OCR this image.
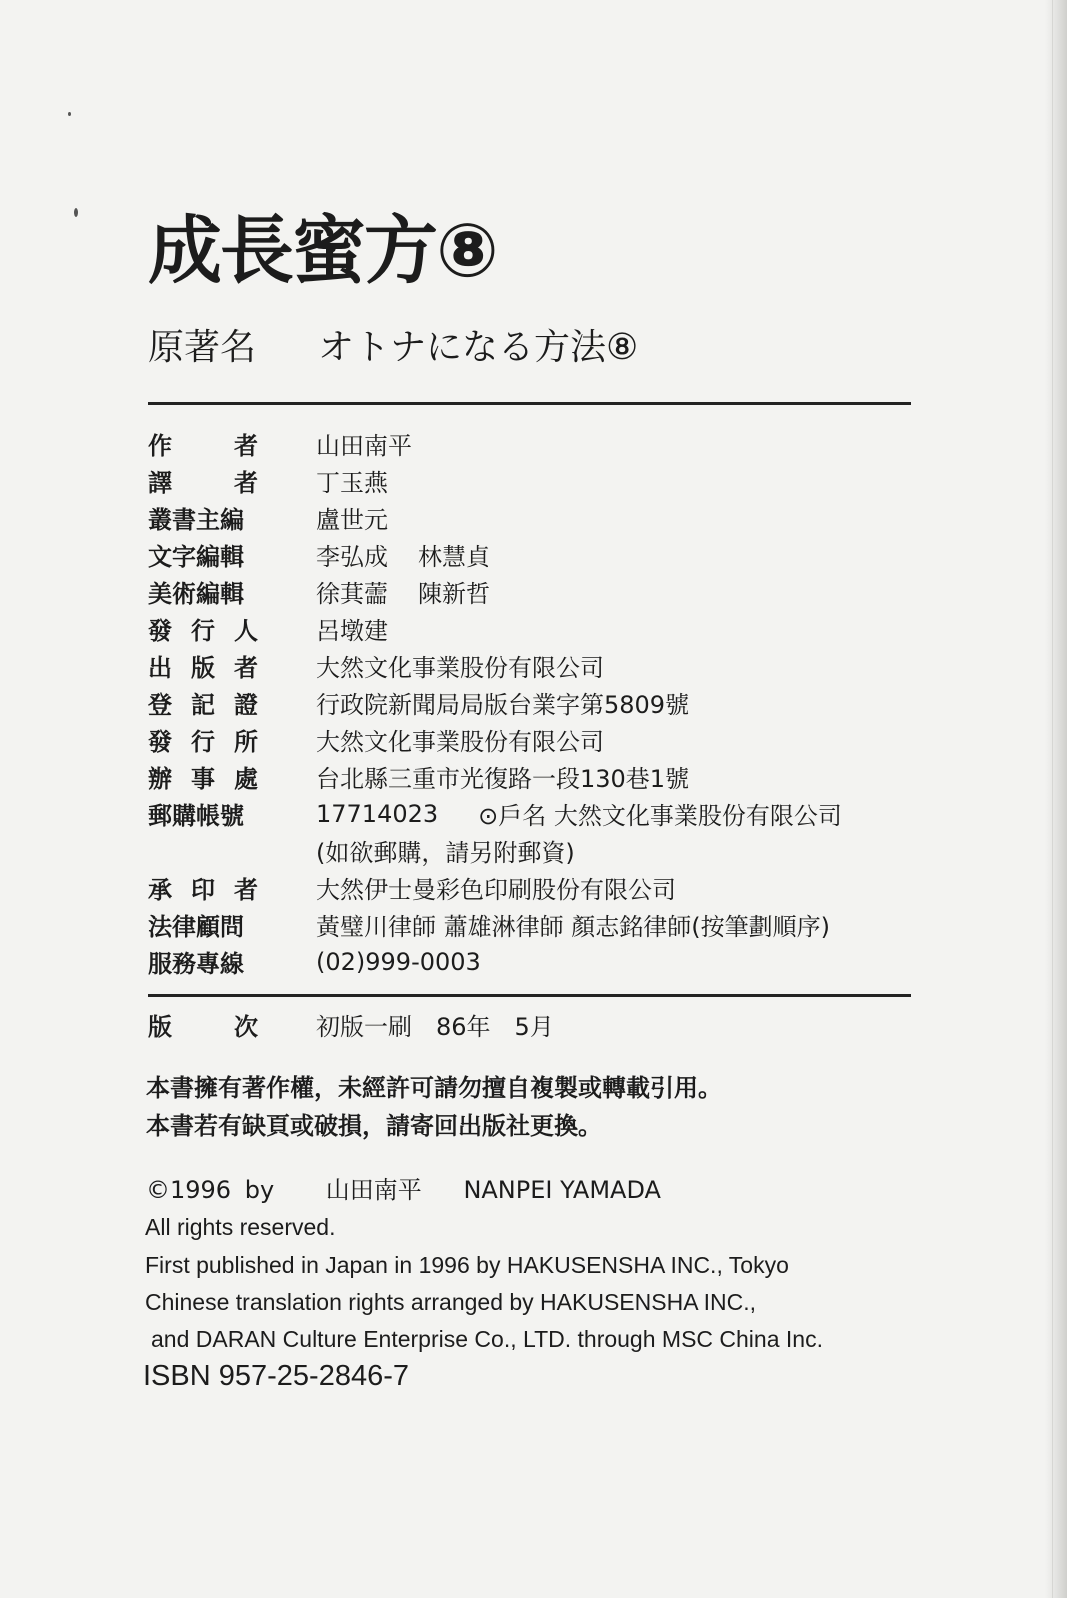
成長蜜方⑧
原著名 オトナになる方法⑧
作	者 山田南平
譯	者 丁玉燕
叢書主編	盧世元
文字編輯	李弘成 林慧貞
美術編輯	徐萁蘦 陳新哲
發 行 人 呂墩建
出 版 者 大然文化事業股份有限公司
登 記 證 行政院新聞局局版台業字第5809號
發 行 所 大然文化事業股份有限公司
辦 事 處 台北縣三重市光復路一段130巷1號
郵購帳號	17714023 ⊙戶名 大然文化事業股份有限公司
(如欲郵購，請另附郵資)
承 印 者 大然伊士曼彩色印刷股份有限公司
法律顧問	黃璧川律師 蕭雄淋律師 顏志銘律師(按筆劃順序)
服務專線	(02)999-0003
版	次 初版一刷 86年 5月
本書擁有著作權，未經許可請勿擅自複製或轉載引用。
本書若有缺頁或破損，請寄回出版社更換。
©1996 by 山田南平 NANPEI YAMADA
All rights reserved.
First published in Japan in 1996 by HAKUSENSHA INC., Tokyo
Chinese translation rights arranged by HAKUSENSHA INC.,
and DARAN Culture Enterprise Co., LTD. through MSC China Inc.
ISBN 957-25-2846-7
